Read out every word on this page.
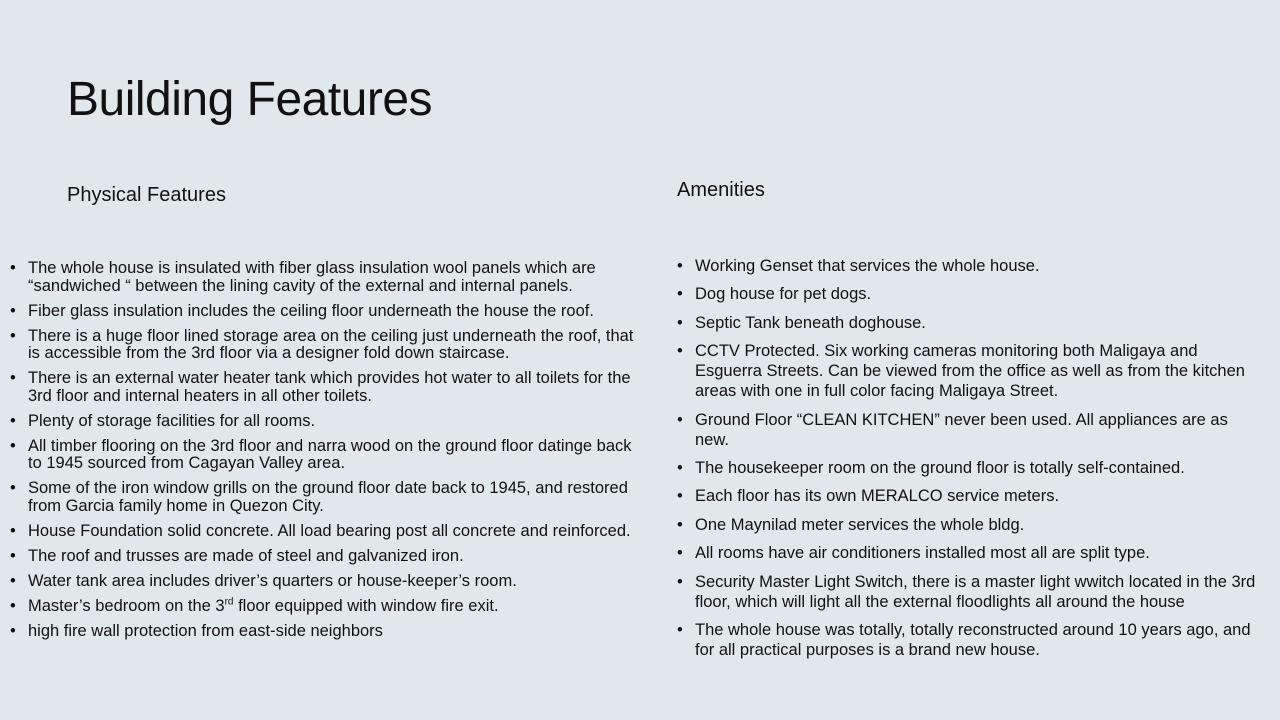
Building Features
Physical Features	Amenities
• The whole house is insulated with fiber glass insulation wool panels which are “sandwiched “ between the lining cavity of the external and internal panels.
• Fiber glass insulation includes the ceiling floor underneath the house the roof.
• There is a huge floor lined storage area on the ceiling just underneath the roof, that is accessible from the 3rd floor via a designer fold down staircase.
• There is an external water heater tank which provides hot water to all toilets for the 3rd floor and internal heaters in all other toilets.
• Plenty of storage facilities for all rooms.
• All timber flooring on the 3rd floor and narra wood on the ground floor datinge back to 1945 sourced from Cagayan Valley area.
• Some of the iron window grills on the ground floor date back to 1945, and restored from Garcia family home in Quezon City.
• House Foundation solid concrete. All load bearing post all concrete and reinforced.
• The roof and trusses are made of steel and galvanized iron.
• Water tank area includes driver’s quarters or house-keeper’s room.
• Master’s bedroom on the 3rd floor equipped with window fire exit.
• high fire wall protection from east-side neighbors
• Working Genset that services the whole house.
• Dog house for pet dogs.
• Septic Tank beneath doghouse.
• CCTV Protected. Six working cameras monitoring both Maligaya and Esguerra Streets. Can be viewed from the office as well as from the kitchen areas with one in full color facing Maligaya Street.
• Ground Floor “CLEAN KITCHEN” never been used. All appliances are as new.
• The housekeeper room on the ground floor is totally self-contained.
• Each floor has its own MERALCO service meters.
• One Maynilad meter services the whole bldg.
• All rooms have air conditioners installed most all are split type.
• Security Master Light Switch, there is a master light wwitch located in the 3rd floor, which will light all the external floodlights all around the house
• The whole house was totally, totally reconstructed around 10 years ago, and for all practical purposes is a brand new house.
